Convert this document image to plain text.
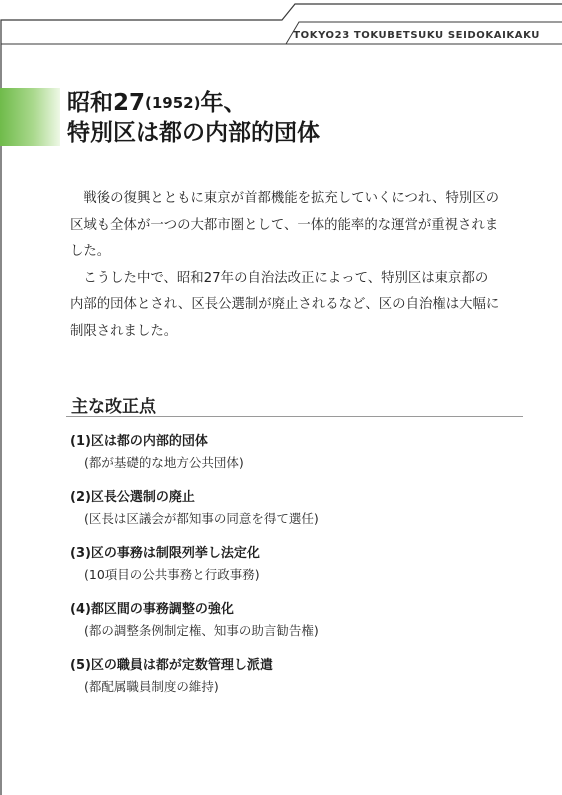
TOKYO23 TOKUBETSUKU SEIDOKAIKAKU
昭和27(1952)年、
特別区は都の内部的団体

戦後の復興とともに東京が首都機能を拡充していくにつれ、特別区の区域も全体が一つの大都市圏として、一体的能率的な運営が重視されました。

こうした中で、昭和27年の自治法改正によって、特別区は東京都の内部的団体とされ、区長公選制が廃止されるなど、区の自治権は大幅に制限されました。

主な改正点
(1)区は都の内部的団体
(都が基礎的な地方公共団体)
(2)区長公選制の廃止
(区長は区議会が都知事の同意を得て選任)
(3)区の事務は制限列挙し法定化
(10項目の公共事務と行政事務)
(4)都区間の事務調整の強化
(都の調整条例制定権、知事の助言勧告権)
(5)区の職員は都が定数管理し派遣
(都配属職員制度の維持)
